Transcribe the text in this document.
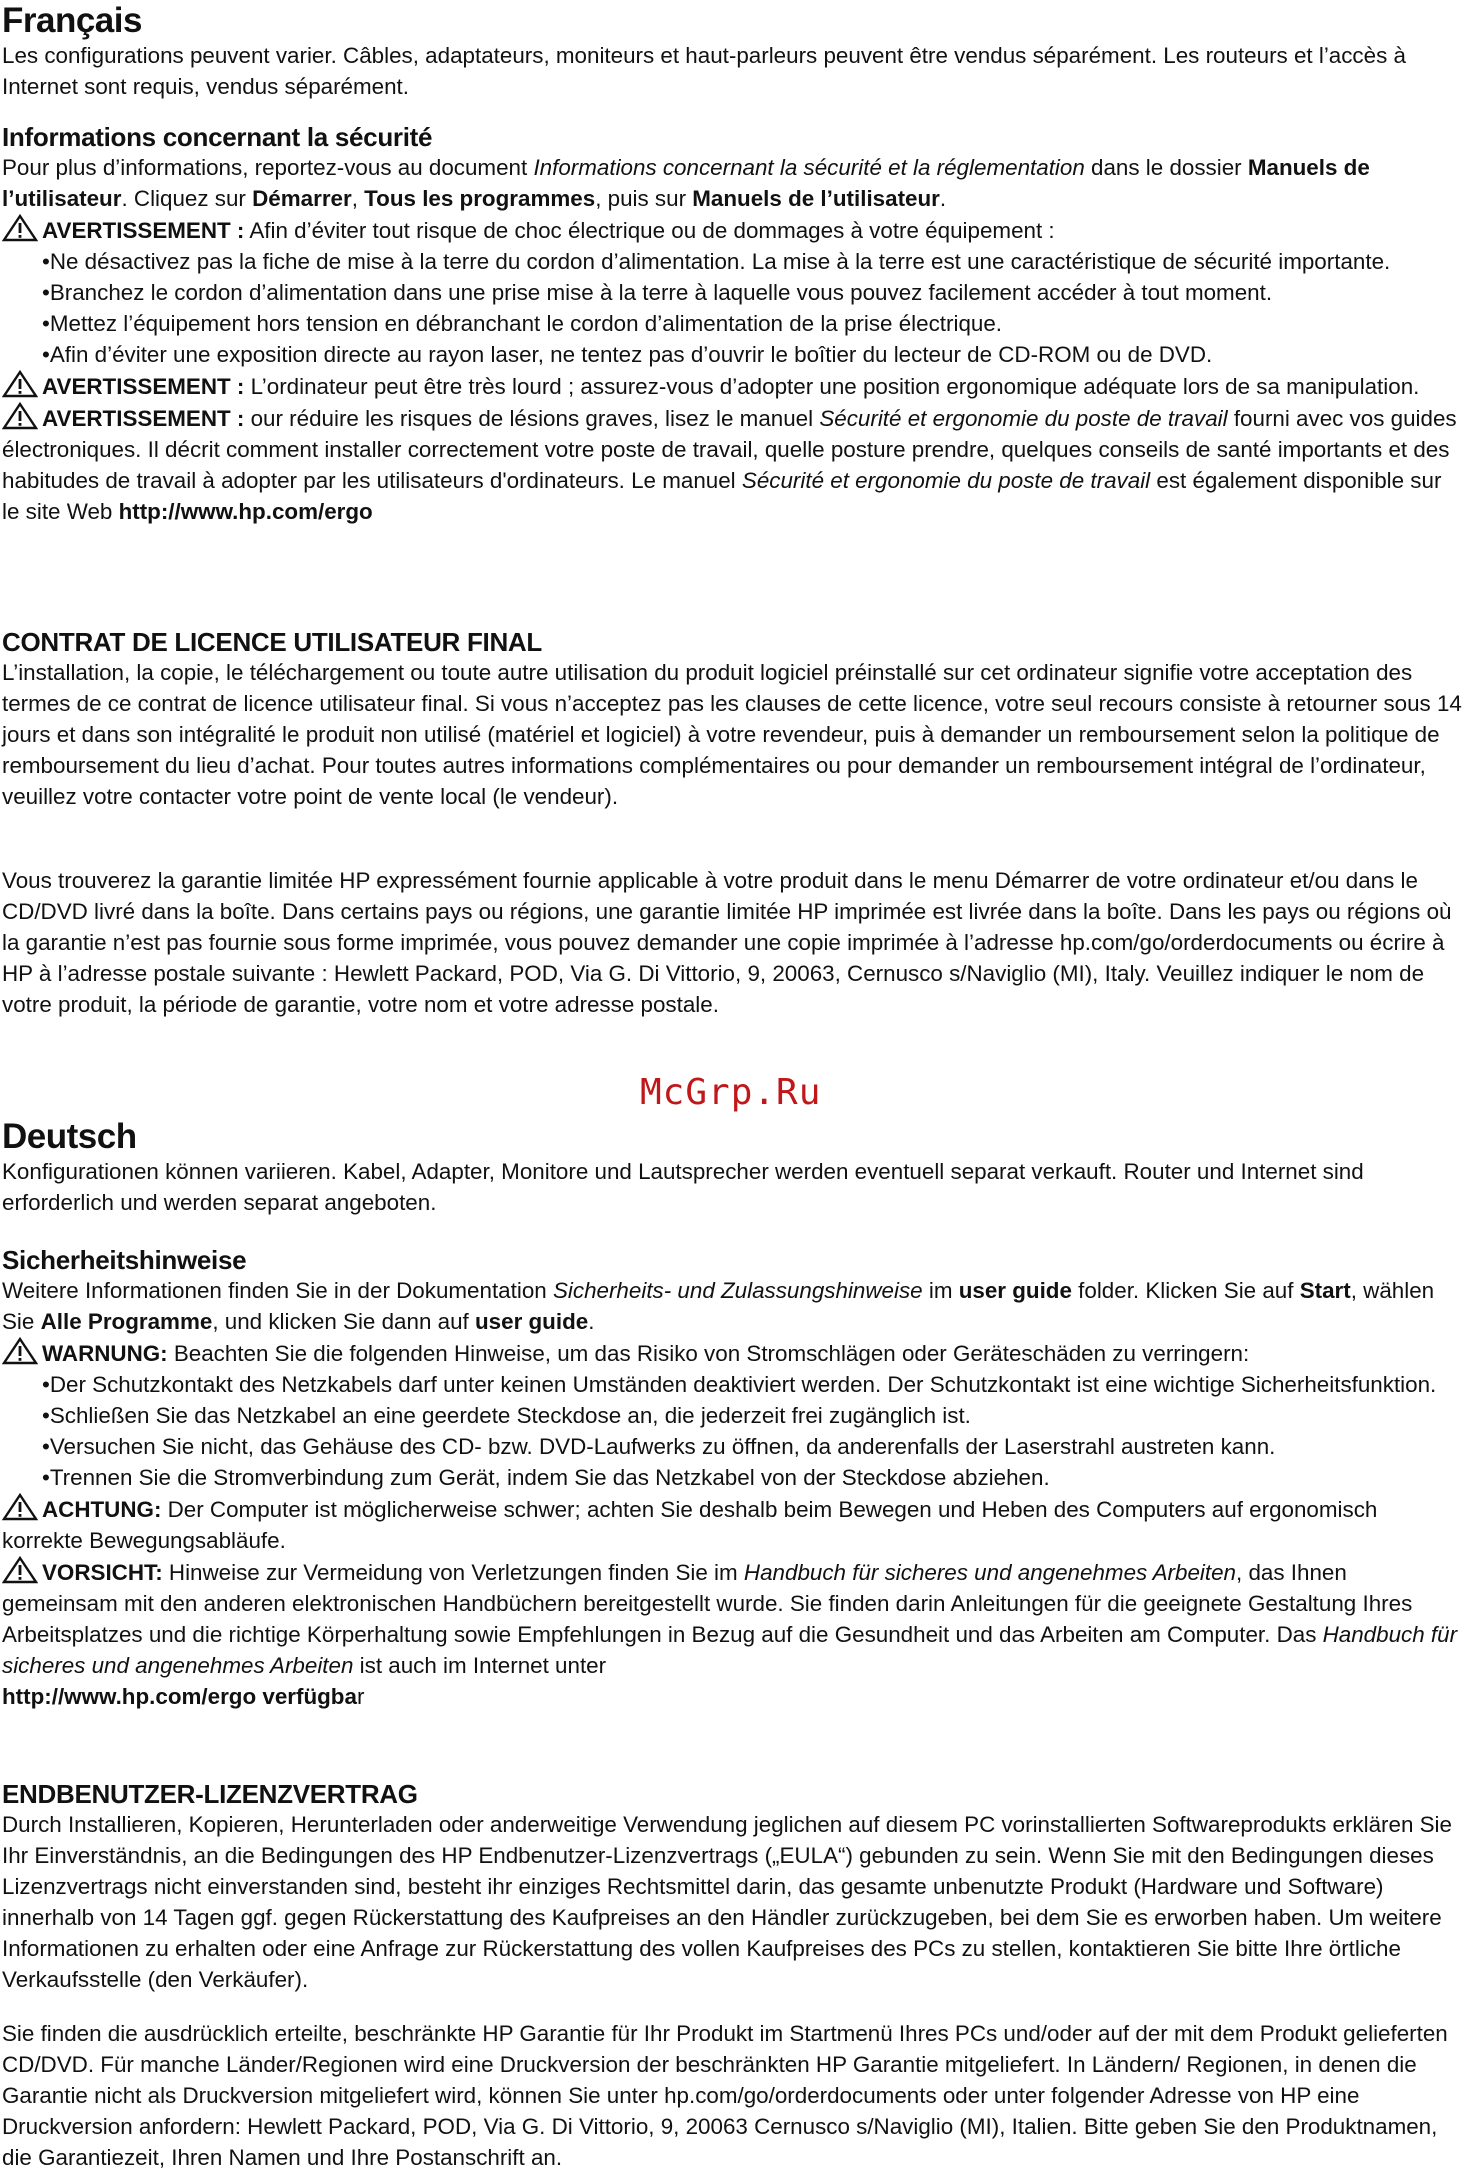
Français

Les configurations peuvent varier. Câbles, adaptateurs, moniteurs et haut-parleurs peuvent être vendus séparément. Les routeurs et l’accès à Internet sont requis, vendus séparément.

Informations concernant la sécurité

Pour plus d’informations, reportez-vous au document Informations concernant la sécurité et la réglementation dans le dossier Manuels de l’utilisateur. Cliquez sur Démarrer, Tous les programmes, puis sur Manuels de l’utilisateur.

AVERTISSEMENT : Afin d’éviter tout risque de choc électrique ou de dommages à votre équipement :

•Ne désactivez pas la fiche de mise à la terre du cordon d’alimentation. La mise à la terre est une caractéristique de sécurité importante.

•Branchez le cordon d’alimentation dans une prise mise à la terre à laquelle vous pouvez facilement accéder à tout moment.

•Mettez l’équipement hors tension en débranchant le cordon d’alimentation de la prise électrique.

•Afin d’éviter une exposition directe au rayon laser, ne tentez pas d’ouvrir le boîtier du lecteur de CD-ROM ou de DVD.

AVERTISSEMENT : L’ordinateur peut être très lourd ; assurez-vous d’adopter une position ergonomique adéquate lors de sa manipulation.

AVERTISSEMENT : our réduire les risques de lésions graves, lisez le manuel Sécurité et ergonomie du poste de travail fourni avec vos guides électroniques. Il décrit comment installer correctement votre poste de travail, quelle posture prendre, quelques conseils de santé importants et des habitudes de travail à adopter par les utilisateurs d'ordinateurs. Le manuel Sécurité et ergonomie du poste de travail est également disponible sur le site Web http://www.hp.com/ergo

CONTRAT DE LICENCE UTILISATEUR FINAL

L’installation, la copie, le téléchargement ou toute autre utilisation du produit logiciel préinstallé sur cet ordinateur signifie votre acceptation des termes de ce contrat de licence utilisateur final. Si vous n’acceptez pas les clauses de cette licence, votre seul recours consiste à retourner sous 14 jours et dans son intégralité le produit non utilisé (matériel et logiciel) à votre revendeur, puis à demander un remboursement selon la politique de remboursement du lieu d’achat. Pour toutes autres informations complémentaires ou pour demander un remboursement intégral de l’ordinateur, veuillez votre contacter votre point de vente local (le vendeur).

Vous trouverez la garantie limitée HP expressément fournie applicable à votre produit dans le menu Démarrer de votre ordinateur et/ou dans le CD/DVD livré dans la boîte. Dans certains pays ou régions, une garantie limitée HP imprimée est livrée dans la boîte. Dans les pays ou régions où la garantie n’est pas fournie sous forme imprimée, vous pouvez demander une copie imprimée à l’adresse hp.com/go/orderdocuments ou écrire à HP à l’adresse postale suivante : Hewlett Packard, POD, Via G. Di Vittorio, 9, 20063, Cernusco s/Naviglio (MI), Italy. Veuillez indiquer le nom de votre produit, la période de garantie, votre nom et votre adresse postale.

McGrp.Ru
Deutsch

Konfigurationen können variieren. Kabel, Adapter, Monitore und Lautsprecher werden eventuell separat verkauft. Router und Internet sind erforderlich und werden separat angeboten.

Sicherheitshinweise

Weitere Informationen finden Sie in der Dokumentation Sicherheits- und Zulassungshinweise im user guide folder. Klicken Sie auf Start, wählen Sie Alle Programme, und klicken Sie dann auf user guide.

WARNUNG: Beachten Sie die folgenden Hinweise, um das Risiko von Stromschlägen oder Geräteschäden zu verringern:

•Der Schutzkontakt des Netzkabels darf unter keinen Umständen deaktiviert werden. Der Schutzkontakt ist eine wichtige Sicherheitsfunktion.

•Schließen Sie das Netzkabel an eine geerdete Steckdose an, die jederzeit frei zugänglich ist.

•Versuchen Sie nicht, das Gehäuse des CD- bzw. DVD-Laufwerks zu öffnen, da anderenfalls der Laserstrahl austreten kann.

•Trennen Sie die Stromverbindung zum Gerät, indem Sie das Netzkabel von der Steckdose abziehen.

ACHTUNG: Der Computer ist möglicherweise schwer; achten Sie deshalb beim Bewegen und Heben des Computers auf ergonomisch korrekte Bewegungsabläufe.

VORSICHT: Hinweise zur Vermeidung von Verletzungen finden Sie im Handbuch für sicheres und angenehmes Arbeiten, das Ihnen gemeinsam mit den anderen elektronischen Handbüchern bereitgestellt wurde. Sie finden darin Anleitungen für die geeignete Gestaltung Ihres Arbeitsplatzes und die richtige Körperhaltung sowie Empfehlungen in Bezug auf die Gesundheit und das Arbeiten am Computer. Das Handbuch für sicheres und angenehmes Arbeiten ist auch im Internet unter
http://www.hp.com/ergo verfügbar

ENDBENUTZER-LIZENZVERTRAG

Durch Installieren, Kopieren, Herunterladen oder anderweitige Verwendung jeglichen auf diesem PC vorinstallierten Softwareprodukts erklären Sie Ihr Einverständnis, an die Bedingungen des HP Endbenutzer-Lizenzvertrags („EULA“) gebunden zu sein. Wenn Sie mit den Bedingungen dieses Lizenzvertrags nicht einverstanden sind, besteht ihr einziges Rechtsmittel darin, das gesamte unbenutzte Produkt (Hardware und Software) innerhalb von 14 Tagen ggf. gegen Rückerstattung des Kaufpreises an den Händler zurückzugeben, bei dem Sie es erworben haben. Um weitere Informationen zu erhalten oder eine Anfrage zur Rückerstattung des vollen Kaufpreises des PCs zu stellen, kontaktieren Sie bitte Ihre örtliche Verkaufsstelle (den Verkäufer).

Sie finden die ausdrücklich erteilte, beschränkte HP Garantie für Ihr Produkt im Startmenü Ihres PCs und/oder auf der mit dem Produkt gelieferten CD/DVD. Für manche Länder/Regionen wird eine Druckversion der beschränkten HP Garantie mitgeliefert. In Ländern/ Regionen, in denen die Garantie nicht als Druckversion mitgeliefert wird, können Sie unter hp.com/go/orderdocuments oder unter folgender Adresse von HP eine Druckversion anfordern: Hewlett Packard, POD, Via G. Di Vittorio, 9, 20063 Cernusco s/Naviglio (MI), Italien. Bitte geben Sie den Produktnamen, die Garantiezeit, Ihren Namen und Ihre Postanschrift an.
